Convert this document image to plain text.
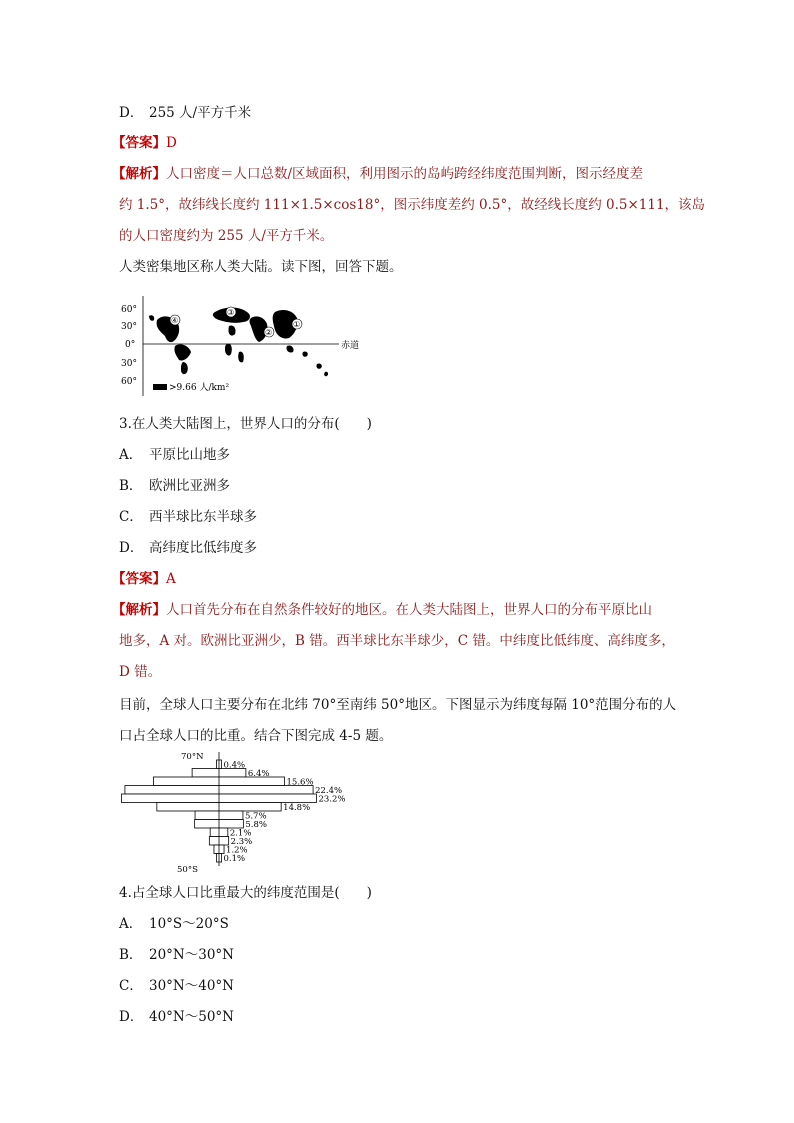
D． 255 人/平方千米
【答案】D
【解析】人口密度＝人口总数/区域面积，利用图示的岛屿跨经纬度范围判断，图示经度差
约 1.5°，故纬线长度约 111×1.5×cos18°，图示纬度差约 0.5°，故经线长度约 0.5×111，该岛
的人口密度约为 255 人/平方千米。
人类密集地区称人类大陆。读下图，回答下题。
60°
30°
0°
30°
60°
赤道
①
②
③
④
>9.66 人/km²
3.在人类大陆图上，世界人口的分布(　　)
A． 平原比山地多
B． 欧洲比亚洲多
C． 西半球比东半球多
D． 高纬度比低纬度多
【答案】A
【解析】人口首先分布在自然条件较好的地区。在人类大陆图上，世界人口的分布平原比山
地多，A 对。欧洲比亚洲少，B 错。西半球比东半球少，C 错。中纬度比低纬度、高纬度多，
D 错。
目前，全球人口主要分布在北纬 70°至南纬 50°地区。下图显示为纬度每隔 10°范围分布的人
口占全球人口的比重。结合下图完成 4-5 题。
0.4%
6.4%
15.6%
22.4%
23.2%
14.8%
5.7%
5.8%
2.1%
2.3%
1.2%
0.1%
70°N
50°S
4.占全球人口比重最大的纬度范围是(　　)
A． 10°S～20°S
B． 20°N～30°N
C． 30°N～40°N
D． 40°N～50°N
